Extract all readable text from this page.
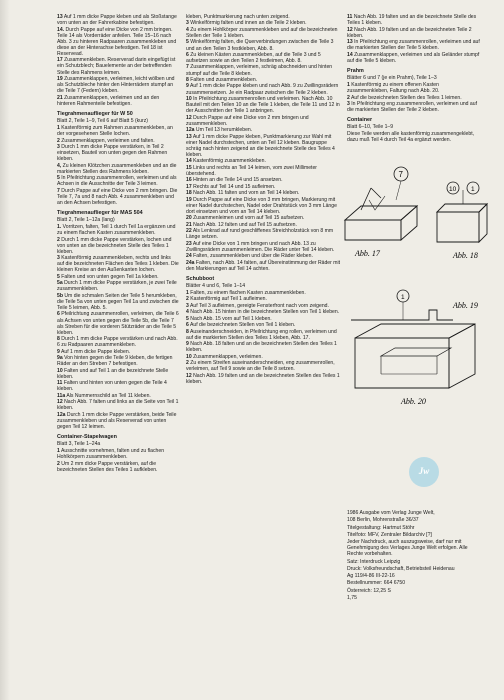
13 Auf 1 mm dicke Pappe kleben und als Stoßstange vorn unten an der Fahrerkabine befestigen.
14. Durch Pappe auf eine Dicke von 2 mm bringen. Teile 14 als Vorderräder anfeilen. Teile 15–16 nach Abb. 3 zu hinteren Radpaaren zusammenkleben und diese an der Hinterachse befestigen. Teil 18 ist Reservead.
17 Zusammenkleben. Reserverad darin eingefügt ist ein Schutzblech; Bauelemente an der betreffenden Stelle des Rahmens leimen.
19 Zusammenklappen, verleimen, leicht wölben und als Schutzbleche hinter den Hinterrädern stumpf an die Teile 7 (Federn) kleben.
21 Zusammenklappen, verleimen und an den hinteren Rahmenteile befestigen.
Tiegrahmenauflieger für W 50
Blatt 2, Teile 1–9, Teil 6 auf Blatt 5 (kurz)
1 Kastenförmig zum Rahmen zusammenkleben, an der vorgesehenen Stelle lochen.
2 Zusammenklappen, verleimen und falten.
3 Durch 1 mm dicke Pappe verstärken, in Teil 2 einsetzen, Bauteil von unten gegen den Rahmen kleben.
4, Zu kleinen Klötzchen zusammenkleben und an die markierten Stellen des Rahmens kleben.
5 In Pfeilrichtung zusammenrollen, verleimen und als Achsen in die Ausschnitte der Teile 3 leimen.
7 Durch Pappe auf eine Dicke von 2 mm bringen. Die Teile 7, 7a und 8 nach Abb. 4 zusammenkleben und an den Achsen befestigen.
Tiegrahmenauflieger für MAS 504
Blatt 2, Teile 1–12a (lang)
1. Vorritzen, falten, Teil 1 durch Teil 1a ergänzen und zu einem flachen Kasten zusammenkleben.
2 Durch 1 mm dicke Pappe verstärken, lochen und von unten an die bezeichneten Stelle des Teiles 1 kleben.
3 Kastenförmig zusammenkleben, rechts und links auf die bezeichneten Flächen des Teiles 1 kleben. Die kleinen Kreise an den Außenkanten lochen.
5 Falten und von unten gegen Teil 1a kleben.
5a Durch 1 mm dicke Pappe verstärken, je zwei Teile zusammenkleben.
5b Um die schmalen Seiten der Teile 5 herumkleben, die Teile 5a von unten gegen Teil 1a und zwischen die Teile 5 leimen, Abb. 5.
6 Pfeilrichtung zusammenrollen, verleimen, die Teile 6 als Achsen von unten gegen die Teile 5b, die Teile 7 als Streben für die vorderen Stützräder an die Teile 5 kleben.
8 Durch 1 mm dicke Pappe verstärken und nach Abb. 6 zu Radpaaren zusammenkleben.
9 Auf 1 mm dicke Pappe kleben.
9a Von hinten gegen die Teile 9 kleben, die fertigen Räder an den Streben 7 befestigen.
10 Falten und auf Teil 1 an die bezeichnete Stelle kleben.
11 Falten und hinten von unten gegen die Teile 4 kleben.
11a Als Nummernschild an Teil 11 kleben.
12 Nach Abb. 7 falten und links an die Seite von Teil 1 kleben.
12a Durch 1 mm dicke Pappe verstärken, beide Teile zusammenkleben und als Reserverad von unten gegen Teil 12 leimen.
Container-Stapelwagen
Blatt 3, Teile 1–24a
1 Ausschnitte vornehmen, falten und zu flachen Hohlkörpern zusammenkleben.
2 Um 2 mm dicke Pappe verstärken, auf die bezeichneten Stellen des Teiles 1 aufkleben.
kleben, Punktmarkierung nach unten zeigend.
3 Winkelförmig falten und innen an die Teile 2 kleben.
4 Zu einem Hohlkörper zusammenkleben und auf die bezeichneten Stellen der Teile 1 kleben.
5 Winkelförmig falten, die Querverbindungen zwischen die Teile 3 und an den Teilen 3 festkleben, Abb. 8.
6 Zu kleinen Kästen zusammenkleben, auf die Teile 3 und 5 aufsetzen sowie an den Teilen 2 festleimen, Abb. 8.
7 Zusammenklappen, verleimen, schräg abschneiden und hinten stumpf auf die Teile 8 kleben.
8 Falten und zusammenkleben.
9 Auf 1 mm dicke Pappe kleben und nach Abb. 9 zu Zwillingsrädern zusammensetzen. Je ein Radpaar zwischen die Teile 2 kleben.
10 In Pfeilrichtung zusammenrollen und verleimen. Nach Abb. 10 Bauteil mit den Teilen 10 an die Teile 1 kleben, die Teile 11 und 12 in der Ausschnitten der Teile 1 anbringen.
12 Durch Pappe auf eine Dicke von 2 mm bringen und zusammenkleben.
12a Um Teil 13 herumkleben.
13 Auf 1 mm dicke Pappe kleben, Punktmarkierung zur Wahl mit einer Nadel durchstechen, unten an Teil 12 kleben. Baugruppe schräg nach hinten zeigend an die bezeichnete Stelle des Teiles 4 kleben.
14 Kastenförmig zusammenkleben.
15 Links und rechts an Teil 14 leimen, vom zwei Millimeter überstehend.
16 Hinten an die Teile 14 und 15 ansetzen.
17 Rechts auf Teil 14 und 15 aufleimen.
18 Nach Abb. 11 falten und vorn an Teil 14 kleben.
19 Durch Pappe auf eine Dicke von 3 mm bringen, Markierung mit einer Nadel durchstechen, Nadel oder Drahtstück von 3 mm Länge dort einsetzen und vorn an Teil 14 kleben.
20 Zusammenleimen und vorn auf Teil 15 aufsetzen.
21 Nach Abb. 12 falten und auf Teil 15 aufsetzen.
22 Als Lenkrad auf rund geschliffenes Streichholzstück von 8 mm Länge setzen.
23 Auf eine Dicke von 1 mm bringen und nach Abb. 13 zu Zwillingsrädern zusammenleimen. Die Räder unter Teil 14 kleben.
24 Falten, zusammenkleben und über die Räder kleben.
24a Falten, nach Abb. 14 falten, auf Übereinstimmung der Räder mit den Markierungen auf Teil 14 achten.
Schubboot
Blätter 4 und 6, Teile 1–14
1 Falten, zu einem flachen Kasten zusammenkleben.
2 Kastenförmig auf Teil 1 aufleimen.
3 Auf Teil 3 aufleimen, gereigte Fensterfront nach vorn zeigend.
4 Nach Abb. 15 hinten in die bezeichneten Stellen von Teil 1 kleben.
5 Nach Abb. 15 vorn auf Teil 1 kleben.
6 Auf die bezeichneten Stellen von Teil 1 kleben.
8 Auseinanderschneiden, in Pfeilrichtung eng rollen, verleimen und auf die markierten Stellen des Teiles 1 kleben, Abb. 17.
9 Nach Abb. 18 falten und an die bezeichneten Stellen des Teiles 1 kleben.
10 Zusammenklappen, verleimen.
2 Zu einem Streifen auseinanderschneiden, eng zusammenrollen, verleimen, auf Teil 9 sowie an die Teile 8 setzen.
12 Nach Abb. 19 falten und an die bezeichneten Stellen des Teiles 1 kleben.
11 Nach Abb. 19 falten und an die bezeichnete Stelle des Teiles 1 kleben.
12 Nach Abb. 19 falten und an die bezeichneten Teile 2 kleben.
13 In Pfeilrichtung eng zusammenrollen, verleimen und auf die markierten Stellen der Teile 5 kleben.
14 Zusammenklappen, verleimen und als Geländer stumpf auf die Teile 5 kleben.
Prahm
Blätter 6 und 7 (je ein Prahm), Teile 1–3
1 Kastenförmig zu einem offenen Kasten zusammenkleben, Faltung nach Abb. 20.
2 Auf die bezeichneten Stellen des Teiles 1 leimen.
3 In Pfeilrichtung eng zusammenrollen, verleimen und auf die markierten Stellen der Teile 2 kleben.
Container
Blatt 6–10, Teile 1–9
Diese Teile werden alle kastenförmig zusammengeklebt, dazu muß Teil 4 durch Teil 4a ergänzt werden.
7
Abb. 17
10 1
Abb. 18
1
Abb. 19
Abb. 20
Jw
1986 Ausgabe vom Verlag Junge Welt,
108 Berlin, Mohrenstraße 36/37
Titelgestaltung: Hartmut Stöhr
Titelfoto: MFV, Zentraler Bildarchiv [?]
Jeder Nachdruck, auch auszugsweise, darf nur mit Genehmigung des Verlages Junge Welt erfolgen. Alle Rechte vorbehalten.
Satz: Interdruck Leipzig
Druck: Volksfreundschaft, Betriebsteil Heidenau
Ag 119/4-86 III-22-16
Bestellnummer: 664 6750
Österreich: 12,25 S
1,75
